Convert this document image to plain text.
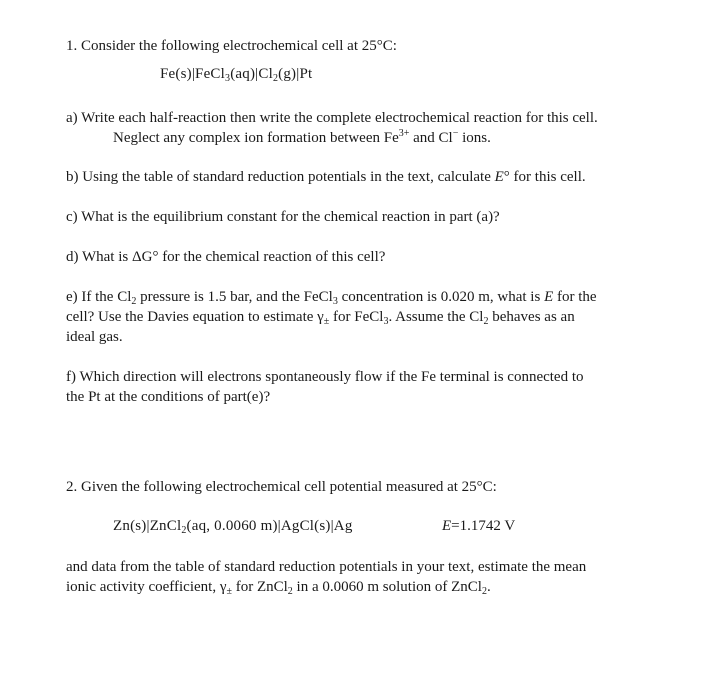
1. Consider the following electrochemical cell at 25°C:
$Fe(s)|FeCl_3(aq)|Cl_2(g)|Pt$
a) Write each half-reaction then write the complete electrochemical reaction for this cell.
Neglect any complex ion formation between $Fe^{3+}$ and Cl− ions.
b) Using the table of standard reduction potentials in the text, calculate E° for this cell.
c) What is the equilibrium constant for the chemical reaction in part (a)?
d) What is ΔG° for the chemical reaction of this cell?
e) If the $Cl_2$ pressure is 1.5 bar, and the FeCl$_3$ concentration is 0.020 m, what is E for the
cell? Use the Davies equation to estimate $\gamma_\pm$ for FeCl$_3$. Assume the $Cl_2$ behaves as an
ideal gas.
f) Which direction will electrons spontaneously flow if the Fe terminal is connected to
the Pt at the conditions of part(e)?
2. Given the following electrochemical cell potential measured at 25°C:
Zn(s)|ZnCl$_2$(aq, 0.0060 m)|AgCl(s)|Ag	E=1.1742 V
and data from the table of standard reduction potentials in your text, estimate the mean
ionic activity coefficient, $\gamma_\pm$ for ZnCl$_2$ in a 0.0060 m solution of ZnCl$_2$.
